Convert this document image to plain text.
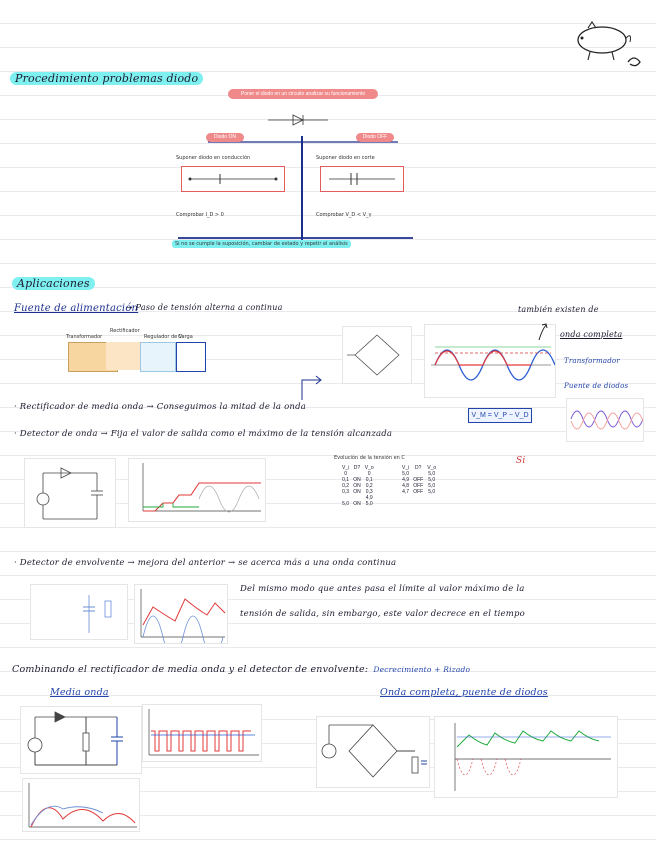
Procedimiento problemas diodo
Poner el diodo en un circuito analizar su funcionamiento
Diodo ON	Diodo OFF
Suponer diodo en conducción	Suponer diodo en corte
Comprobar I_D > 0	Comprobar V_D < V_γ
Si no se cumple la suposición, cambiar de estado y repetir el análisis
Aplicaciones
Fuente de alimentación
→ Paso de tensión alterna a continua
Transformador
Rectificador
Regulador de V
Carga
también existen de
onda completa
Transformador
Puente de diodos
· Rectificador de media onda → Conseguimos la mitad de la onda
V_M = V_P − V_D
· Detector de onda → Fija el valor de salida como el máximo de la tensión alcanzada
Evolución de la tensión en C
V_i	D?	V_o
0		0
0,1	ON	0,1
0,2	ON	0,2
0,3	ON	0,3
		4,9
5,0	ON	5,0
V_i	D?	V_o
5,0		5,0
4,9	OFF	5,0
4,8	OFF	5,0
4,7	OFF	5,0
Si
· Detector de envolvente → mejora del anterior → se acerca más a una onda continua
Del mismo modo que antes pasa el límite al valor máximo de la
tensión de salida, sin embargo, este valor decrece en el tiempo
Combinando el rectificador de media onda y el detector de envolvente: Decrecimiento + Rizado
Media onda	Onda completa, puente de diodos
